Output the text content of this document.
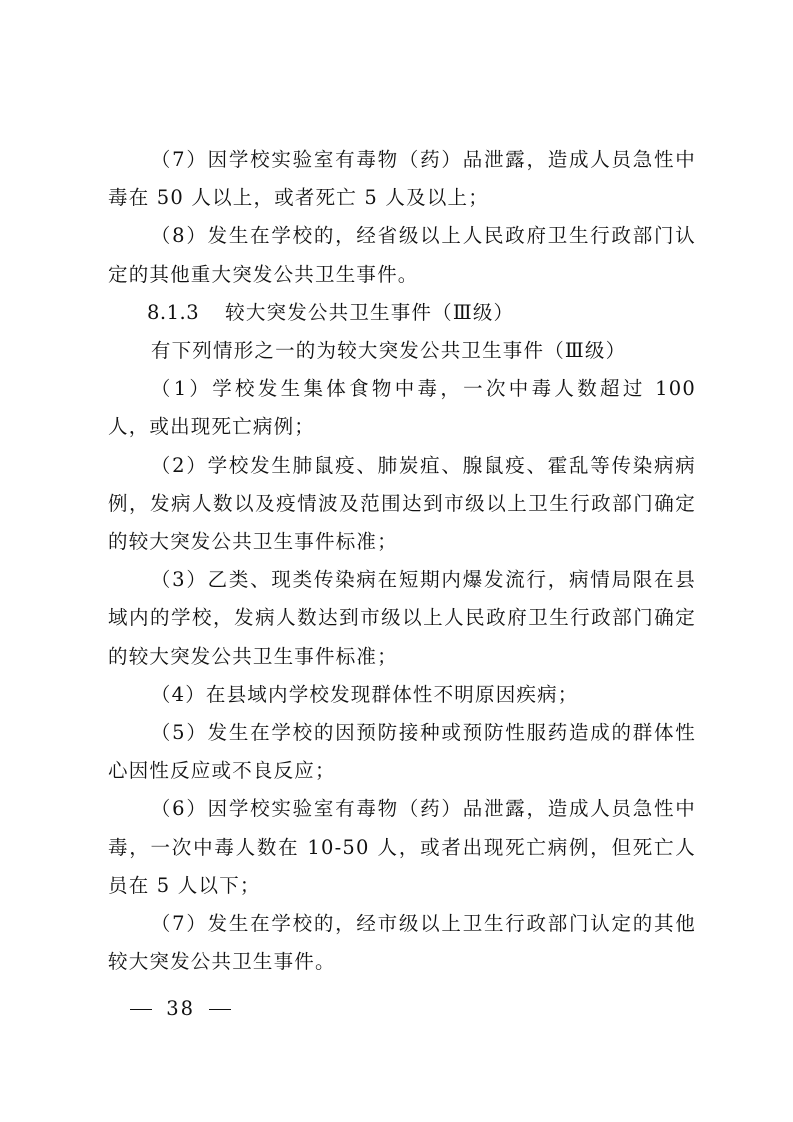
（7）因学校实验室有毒物（药）品泄露，造成人员急性中毒在 50 人以上，或者死亡 5 人及以上；

（8）发生在学校的，经省级以上人民政府卫生行政部门认定的其他重大突发公共卫生事件。

8.1.3 较大突发公共卫生事件（Ⅲ级）

有下列情形之一的为较大突发公共卫生事件（Ⅲ级）

（1）学校发生集体食物中毒，一次中毒人数超过 100 人，或出现死亡病例；

（2）学校发生肺鼠疫、肺炭疽、腺鼠疫、霍乱等传染病病例，发病人数以及疫情波及范围达到市级以上卫生行政部门确定的较大突发公共卫生事件标准；

（3）乙类、现类传染病在短期内爆发流行，病情局限在县域内的学校，发病人数达到市级以上人民政府卫生行政部门确定的较大突发公共卫生事件标准；

（4）在县域内学校发现群体性不明原因疾病；

（5）发生在学校的因预防接种或预防性服药造成的群体性心因性反应或不良反应；

（6）因学校实验室有毒物（药）品泄露，造成人员急性中毒，一次中毒人数在 10-50 人，或者出现死亡病例，但死亡人员在 5 人以下；

（7）发生在学校的，经市级以上卫生行政部门认定的其他较大突发公共卫生事件。

38
